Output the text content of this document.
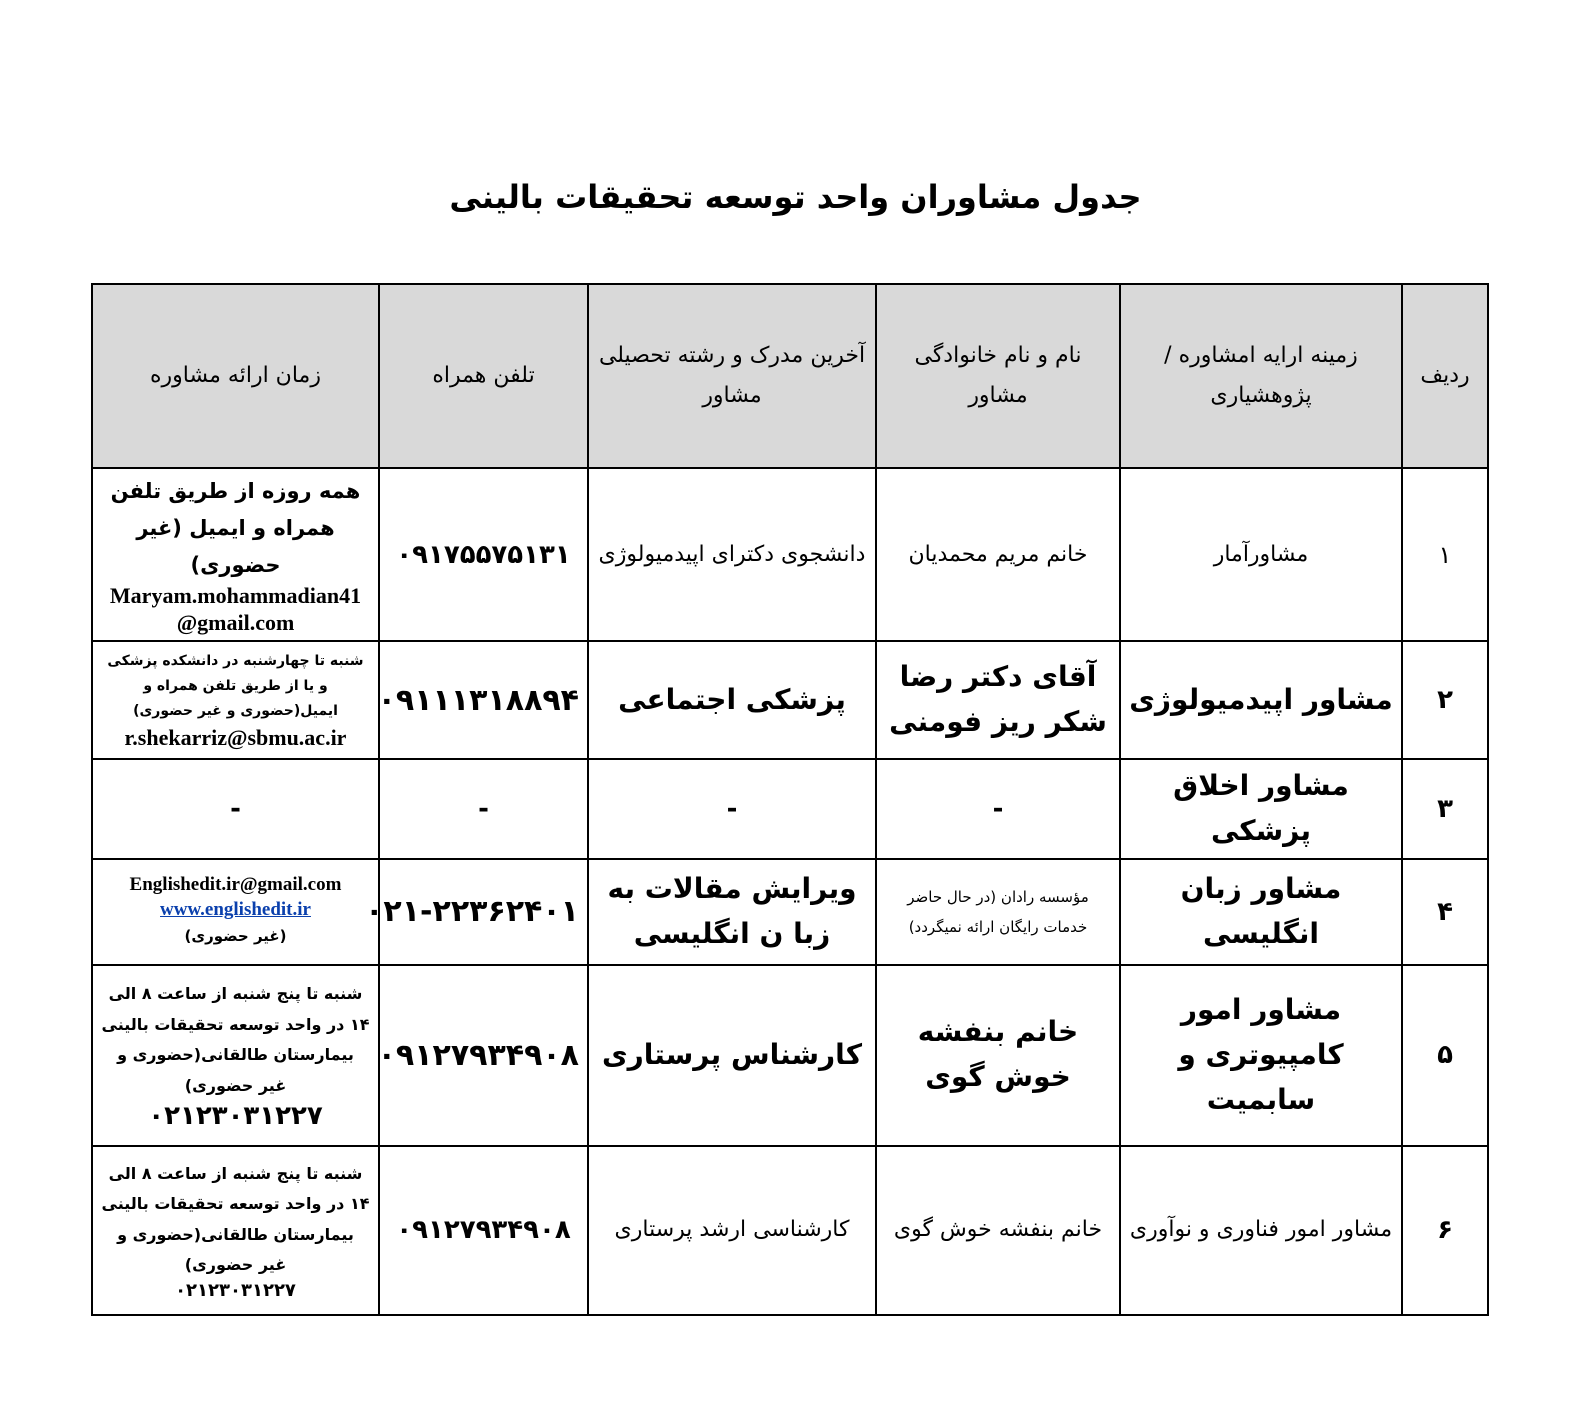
جدول مشاوران واحد توسعه تحقیقات بالینی
ردیف	زمینه ارایه امشاوره /پژوهشیاری	نام و نام خانوادگی مشاور	آخرین مدرک و رشته تحصیلی مشاور	تلفن همراه	زمان ارائه مشاوره
۱	مشاورآمار	خانم مریم محمدیان	دانشجوی دکترای اپیدمیولوژی	۰۹۱۷۵۵۷۵۱۳۱	همه روزه از طریق تلفن همراه و ایمیل (غیر حضوری)
Maryam.mohammadian41@gmail.com

۲	مشاور اپیدمیولوژی	آقای دکتر رضا شکر ریز فومنی	پزشکی اجتماعی	۰۹۱۱۱۳۱۸۸۹۴	شنبه تا چهارشنبه در دانشکده پزشکی و یا از طریق تلفن همراه و ایمیل(حضوری و غیر حضوری)
r.shekarriz@sbmu.ac.ir

۳	مشاور اخلاق پزشکی	-	-	-	-
۴	مشاور زبان انگلیسی	مؤسسه رادان (در حال حاضر خدمات رایگان ارائه نمیگردد)	ویرایش مقالات به زبا ن انگلیسی	۰۲۱-۲۲۳۶۲۴۰۱	Englishedit.ir@gmail.com
www.englishedit.ir
(غیر حضوری)

۵	مشاور امور کامپیوتری و سابمیت	خانم بنفشه خوش گوی	کارشناس پرستاری	۰۹۱۲۷۹۳۴۹۰۸	شنبه تا پنج شنبه از ساعت ۸ الی ۱۴ در واحد توسعه تحقیقات بالینی بیمارستان طالقانی(حضوری و غیر حضوری)
۰۲۱۲۳۰۳۱۲۲۷

۶	مشاور امور فناوری و نوآوری	خانم بنفشه خوش گوی	کارشناسی ارشد پرستاری	۰۹۱۲۷۹۳۴۹۰۸	شنبه تا پنج شنبه از ساعت ۸ الی ۱۴ در واحد توسعه تحقیقات بالینی بیمارستان طالقانی(حضوری و غیر حضوری)
۰۲۱۲۳۰۳۱۲۲۷
